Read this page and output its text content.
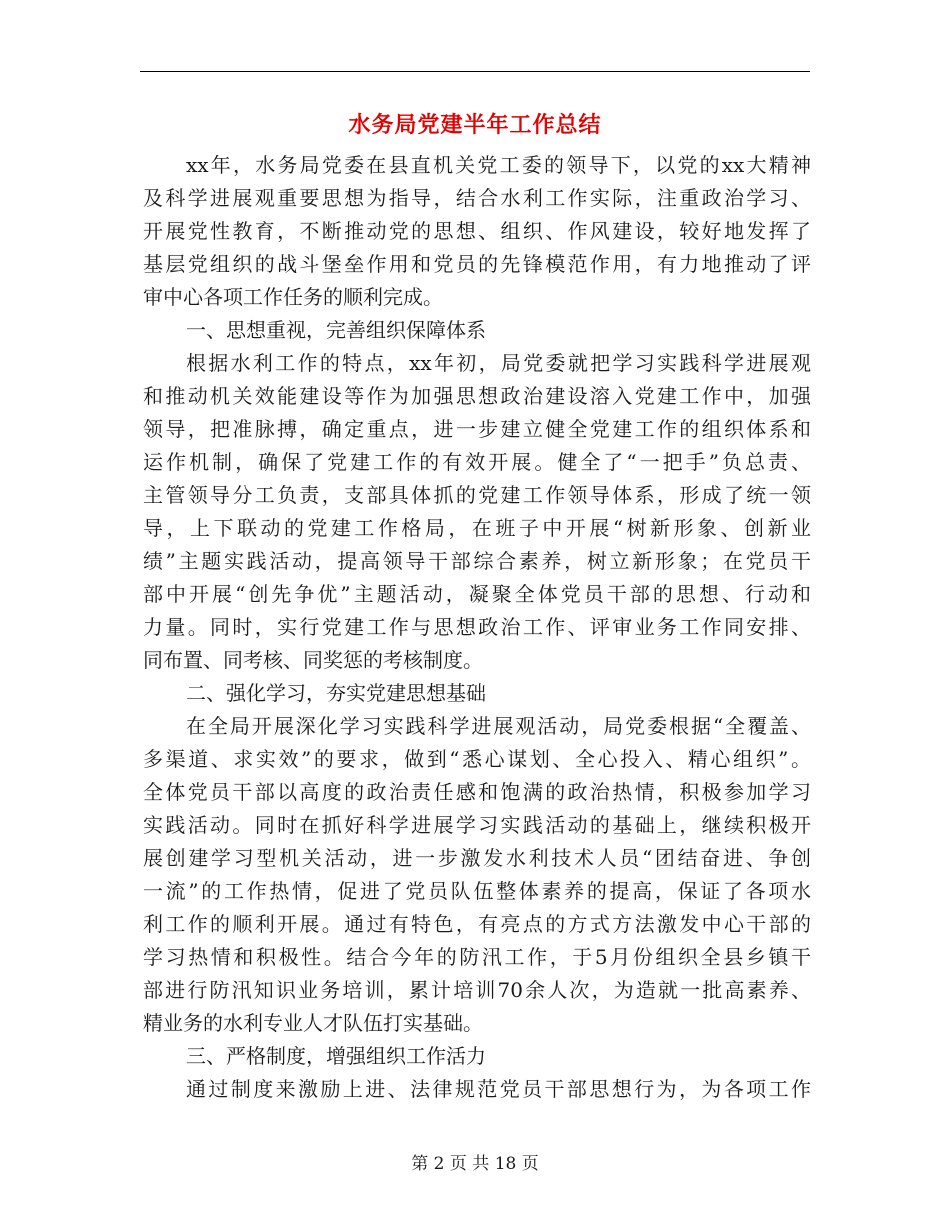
水务局党建半年工作总结
xx年，水务局党委在县直机关党工委的领导下，以党的xx大精神
及科学进展观重要思想为指导，结合水利工作实际，注重政治学习、
开展党性教育，不断推动党的思想、组织、作风建设，较好地发挥了
基层党组织的战斗堡垒作用和党员的先锋模范作用，有力地推动了评
审中心各项工作任务的顺利完成。
一、思想重视，完善组织保障体系
根据水利工作的特点，xx年初，局党委就把学习实践科学进展观
和推动机关效能建设等作为加强思想政治建设溶入党建工作中，加强
领导，把准脉搏，确定重点，进一步建立健全党建工作的组织体系和
运作机制，确保了党建工作的有效开展。健全了“一把手”负总责、
主管领导分工负责，支部具体抓的党建工作领导体系，形成了统一领
导，上下联动的党建工作格局，在班子中开展“树新形象、创新业
绩”主题实践活动，提高领导干部综合素养，树立新形象；在党员干
部中开展“创先争优”主题活动，凝聚全体党员干部的思想、行动和
力量。同时，实行党建工作与思想政治工作、评审业务工作同安排、
同布置、同考核、同奖惩的考核制度。
二、强化学习，夯实党建思想基础
在全局开展深化学习实践科学进展观活动，局党委根据“全覆盖、
多渠道、求实效”的要求，做到“悉心谋划、全心投入、精心组织”。
全体党员干部以高度的政治责任感和饱满的政治热情，积极参加学习
实践活动。同时在抓好科学进展学习实践活动的基础上，继续积极开
展创建学习型机关活动，进一步激发水利技术人员“团结奋进、争创
一流”的工作热情，促进了党员队伍整体素养的提高，保证了各项水
利工作的顺利开展。通过有特色，有亮点的方式方法激发中心干部的
学习热情和积极性。结合今年的防汛工作，于5月份组织全县乡镇干
部进行防汛知识业务培训，累计培训70余人次，为造就一批高素养、
精业务的水利专业人才队伍打实基础。
三、严格制度，增强组织工作活力
通过制度来激励上进、法律规范党员干部思想行为，为各项工作
第 2 页 共 18 页
